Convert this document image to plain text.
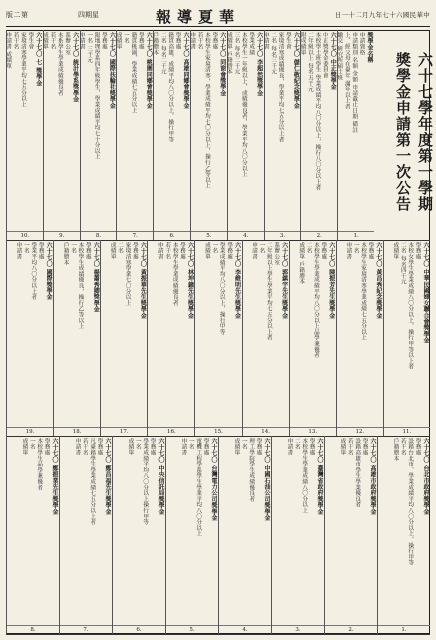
版二第	四期星	報導夏華	日一十二月九年七十六國民華中
獎學金名稱
申請資格
申請類別 名額 金額 申請截止日期 備註
上、經父母在臺年 滿年以上者
繳交 研究所碩士班
1.
六十七〇 中正獎學金
中正獎學金委員會
本校學士班學生 學業成績平均八〇分以上，操行八〇分以上者
二年級以上 每名五千元
附成績單
2.
六十七〇 儲仁敬紀念獎學金
學生會
家境清寒成績優良，學業平均七五分以上者
二名 每名三千元
申請書
3.
六十七〇 李超然獎學金
學業成績
本校學生一年級以上，成績優良者，學業平均八〇分以上
三名 每名二千元
成績單 戶籍謄本
4.
六十七〇 同窗會獎學金
學務處
本校學生家境清寒，學業成績平均七〇分以上，操行乙等以上
若干名
申請書
5.
六十七〇 高雄同鄉會獎學金
學務處
籍貫高雄，成績平均八〇分以上，操行甲等
二名 每名二千元
戶籍謄本
6.
六十七〇 桃園同鄉會獎學金
學務處
籍貫桃園，學業成績七五分以上
一名
成績單
7.
六十七〇 國際扶輪社獎學金
學務處
限地理學系四年級學生，學業成績平均七十分以上
一名 三千元
申請書
8.
六十七〇 統計學系獎學金
系辦公室
本系學生學業成績優良者
若干名
成績單
9.
六十七〇 七 獎學金
學生會
家境清寒學業平均七五分以上
若干名
申請書 成績單
10.
六十七〇 中華民國婦女聯合會獎學金
學務處
本校女學生學業成績八〇分以上，操行甲等以上者
二名 每名四千元
成績單
11.
六十七〇 黃昌秀紀念獎學金
學務處
本校學生家境清寒學業成績七五分以上
一名
申請書
12.
六十七〇 陳振芳先生獎學金
學務處
本校學生學業成績平均八〇分以上品學兼優者
二名
成績單 戶籍謄本
13.
六十七〇 郭鎮宇先生獎學金
系辦公室
二年級以上學生學業平均七五分以上者
一名
申請書
14.
六十七〇 李維明先生獎學金
學務處
學業成績平均八〇分以上，操行甲等
一名
成績單
15.
六十七〇 林坤鐘先生獎學金
學務處
本校學生學業成績優良者
若干名
申請書
16.
六十七〇 黃振華先生獎學金
學務處
家境清寒學業七〇分以上
二名
成績單
17.
六十七〇 楊蕭秀卿獎學金
學務處
本校學生成績優良，操行乙等以上
一名
戶籍謄本
18.
六十七〇 國際獎學金
學務處
學業平均八〇分以上者
一名
申請書
19.
六十七〇 台北市政府獎學金
學務處
設籍台北市，學業成績平均八〇分以上，操行甲等
若干名
戶籍謄本
1.
六十七〇 高雄市政府獎學金
學務處
設籍高雄市學生學業優良者
若干名
成績單
2.
六十七〇 臺灣省政府獎學金
學務處
本校學生學業成績八〇分以上
二名
申請書
3.
六十七〇 中國石油公司獎學金
學務處
理工學院學生成績優良者
一名
成績單
4.
六十七〇 台灣電力公司獎學金
學務處
電機工程學系學生學業平均八〇分以上
一名
申請書
5.
六十七〇 中央信託局獎學金
學務處
學業成績平均八〇分以上操行甲等
一名
成績單
6.
六十七〇 鄭昌福先生獎學金
學務處
凡臺籍學生學業成績七五分以上者
若干名
申請書
7.
六十七〇 鄭振業先生獎學金
學務處
本校學生品學兼優者
一名
成績單
8.
六十七學年度第一學期
獎學金申請第一次公告
